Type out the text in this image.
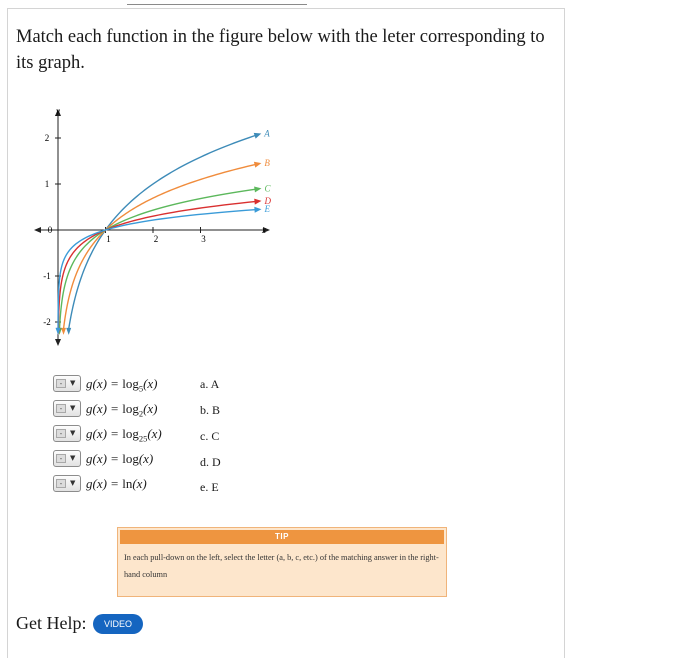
Match each function in the figure below with the leter corresponding to its graph.

y
x
2
1
0
-1
-2
1	2	3
A
B
C
D
E
-	▼ $g(x) = \log_5(x)$
-	▼ $g(x) = \log_2(x)$
-	▼ $g(x) = \log_{25}(x)$
-	▼ g(x) = log(x)
-	▼ g(x) = ln(x)
a. A
b. B
c. C
d. D
e. E
TIP
In each pull-down on the left, select the letter (a, b, c, etc.) of the matching answer in the right-hand column
Get Help:	VIDEO
